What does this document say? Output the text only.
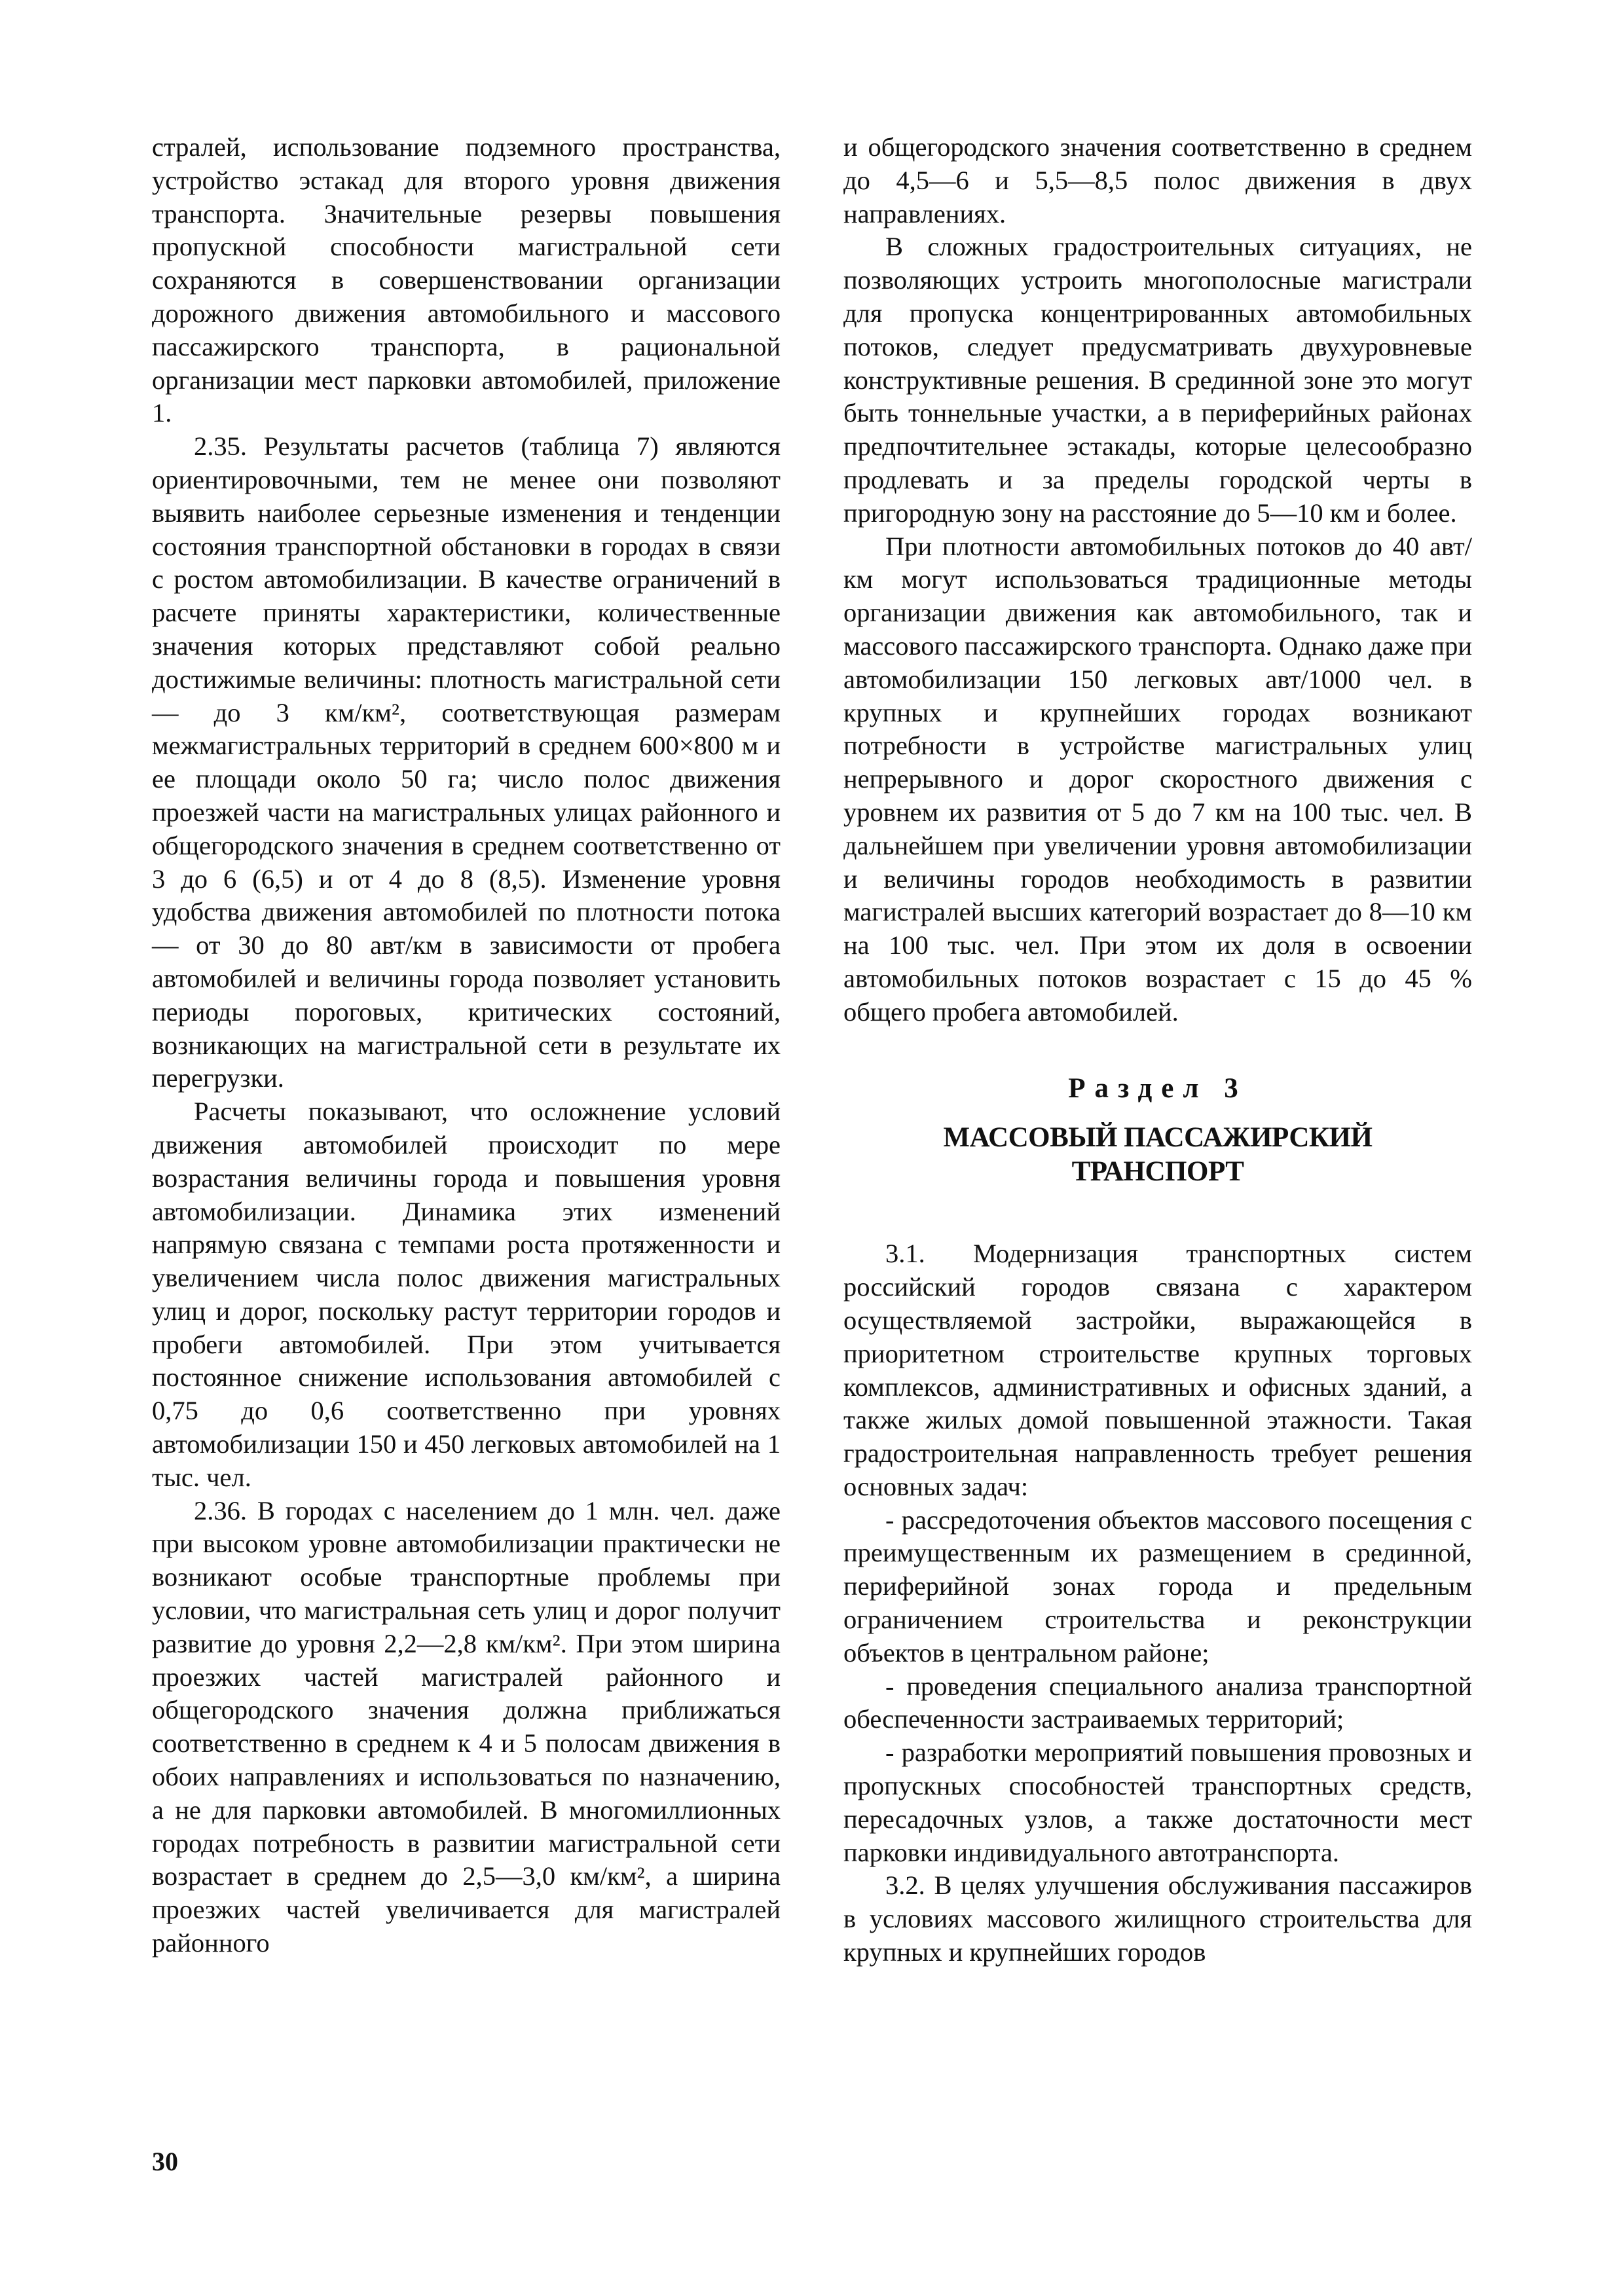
стралей, использование подземного пространства, устройство эстакад для второго уровня движения транспорта. Значительные резервы повышения пропускной способности магистральной сети сохраняются в совершенствовании организации дорожного движения автомобильного и массового пассажирского транспорта, в рациональной организации мест парковки автомобилей, приложение 1.

2.35. Результаты расчетов (таблица 7) являются ориентировочными, тем не менее они позволяют выявить наиболее серьезные изменения и тенденции состояния транспортной обстановки в городах в связи с ростом автомобилизации. В качестве ограничений в расчете приняты характеристики, количественные значения которых представляют собой реально достижимые величины: плотность магистральной сети — до 3 км/км², соответствующая размерам межмагистральных территорий в среднем 600×800 м и ее площади около 50 га; число полос движения проезжей части на магистральных улицах районного и общегородского значения в среднем соответственно от 3 до 6 (6,5) и от 4 до 8 (8,5). Изменение уровня удобства движения автомобилей по плотности потока — от 30 до 80 авт/км в зависимости от пробега автомобилей и величины города позволяет установить периоды пороговых, критических состояний, возникающих на магистральной сети в результате их перегрузки.

Расчеты показывают, что осложнение условий движения автомобилей происходит по мере возрастания величины города и повышения уровня автомобилизации. Динамика этих изменений напрямую связана с темпами роста протяженности и увеличением числа полос движения магистральных улиц и дорог, поскольку растут территории городов и пробеги автомобилей. При этом учитывается постоянное снижение использования автомобилей с 0,75 до 0,6 соответственно при уровнях автомобилизации 150 и 450 легковых автомобилей на 1 тыс. чел.

2.36. В городах с населением до 1 млн. чел. даже при высоком уровне автомобилизации практически не возникают особые транспортные проблемы при условии, что магистральная сеть улиц и дорог получит развитие до уровня 2,2—2,8 км/км². При этом ширина проезжих частей магистралей районного и общегородского значения должна приближаться соответственно в среднем к 4 и 5 полосам движения в обоих направлениях и использоваться по назначению, а не для парковки автомобилей. В многомиллионных городах потребность в развитии магистральной сети возрастает в среднем до 2,5—3,0 км/км², а ширина проезжих частей увеличивается для магистралей районного

и общегородского значения соответственно в среднем до 4,5—6 и 5,5—8,5 полос движения в двух направлениях.

В сложных градостроительных ситуациях, не позволяющих устроить многополосные магистрали для пропуска концентрированных автомобильных потоков, следует предусматривать двухуровневые конструктивные решения. В срединной зоне это могут быть тоннельные участки, а в периферийных районах предпочтительнее эстакады, которые целесообразно продлевать и за пределы городской черты в пригородную зону на расстояние до 5—10 км и более.

При плотности автомобильных потоков до 40 авт/км могут использоваться традиционные методы организации движения как автомобильного, так и массового пассажирского транспорта. Однако даже при автомобилизации 150 легковых авт/1000 чел. в крупных и крупнейших городах возникают потребности в устройстве магистральных улиц непрерывного и дорог скоростного движения с уровнем их развития от 5 до 7 км на 100 тыс. чел. В дальнейшем при увеличении уровня автомобилизации и величины городов необходимость в развитии магистралей высших категорий возрастает до 8—10 км на 100 тыс. чел. При этом их доля в освоении автомобильных потоков возрастает с 15 до 45 % общего пробега автомобилей.

Раздел 3
МАССОВЫЙ ПАССАЖИРСКИЙ
ТРАНСПОРТ

3.1. Модернизация транспортных систем российский городов связана с характером осуществляемой застройки, выражающейся в приоритетном строительстве крупных торговых комплексов, административных и офисных зданий, а также жилых домой повышенной этажности. Такая градостроительная направленность требует решения основных задач:

- рассредоточения объектов массового посещения с преимущественным их размещением в срединной, периферийной зонах города и предельным ограничением строительства и реконструкции объектов в центральном районе;

- проведения специального анализа транспортной обеспеченности застраиваемых территорий;

- разработки мероприятий повышения провозных и пропускных способностей транспортных средств, пересадочных узлов, а также достаточности мест парковки индивидуального автотранспорта.

3.2. В целях улучшения обслуживания пассажиров в условиях массового жилищного строительства для крупных и крупнейших городов

30
